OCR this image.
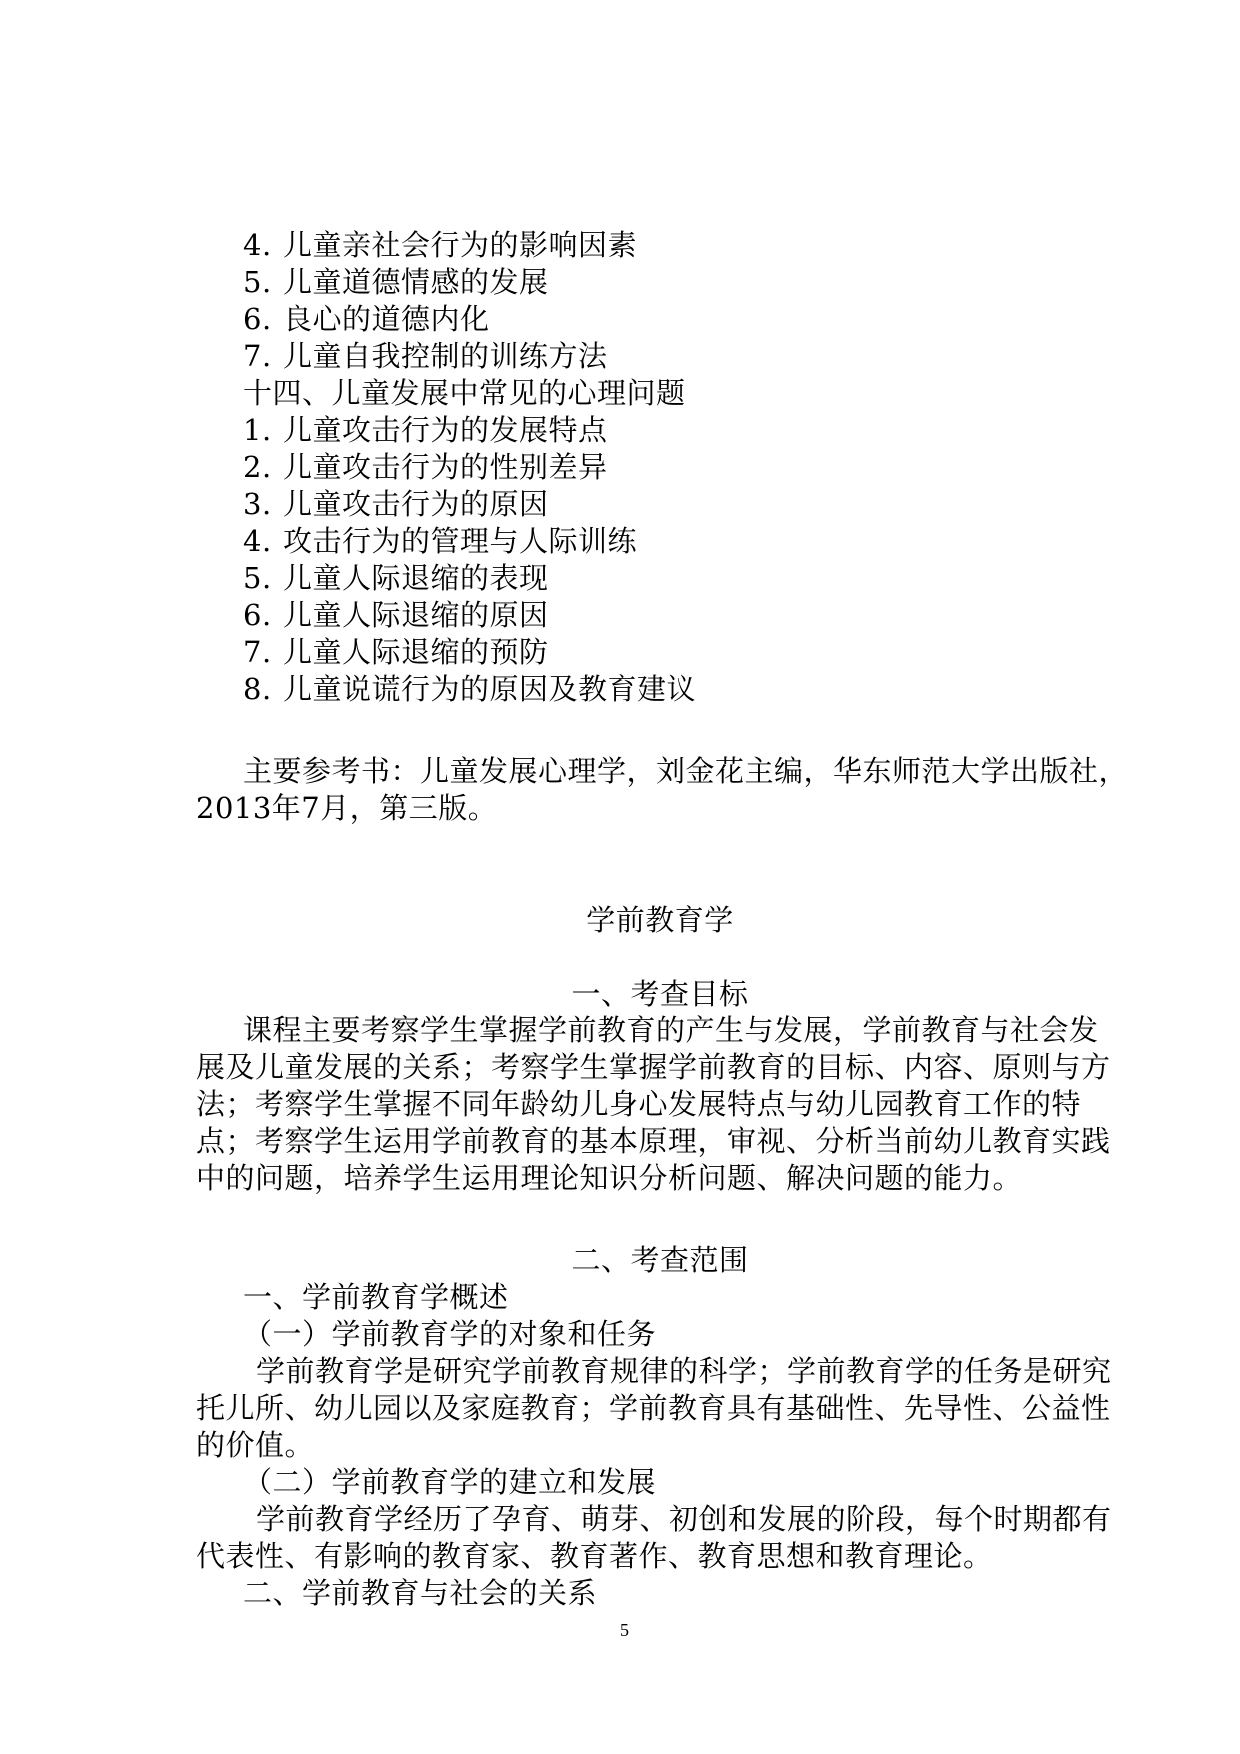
4. 儿童亲社会行为的影响因素
5. 儿童道德情感的发展
6. 良心的道德内化
7. 儿童自我控制的训练方法
十四、儿童发展中常见的心理问题
1. 儿童攻击行为的发展特点
2. 儿童攻击行为的性别差异
3. 儿童攻击行为的原因
4. 攻击行为的管理与人际训练
5. 儿童人际退缩的表现
6. 儿童人际退缩的原因
7. 儿童人际退缩的预防
8. 儿童说谎行为的原因及教育建议
主要参考书：儿童发展心理学，刘金花主编，华东师范大学出版社，
2013年7月，第三版。
学前教育学
一、考查目标
课程主要考察学生掌握学前教育的产生与发展，学前教育与社会发
展及儿童发展的关系；考察学生掌握学前教育的目标、内容、原则与方
法；考察学生掌握不同年龄幼儿身心发展特点与幼儿园教育工作的特
点；考察学生运用学前教育的基本原理，审视、分析当前幼儿教育实践
中的问题，培养学生运用理论知识分析问题、解决问题的能力。
二、考查范围
一、学前教育学概述
（一）学前教育学的对象和任务
学前教育学是研究学前教育规律的科学；学前教育学的任务是研究
托儿所、幼儿园以及家庭教育；学前教育具有基础性、先导性、公益性
的价值。
（二）学前教育学的建立和发展
学前教育学经历了孕育、萌芽、初创和发展的阶段，每个时期都有
代表性、有影响的教育家、教育著作、教育思想和教育理论。
二、学前教育与社会的关系
5
